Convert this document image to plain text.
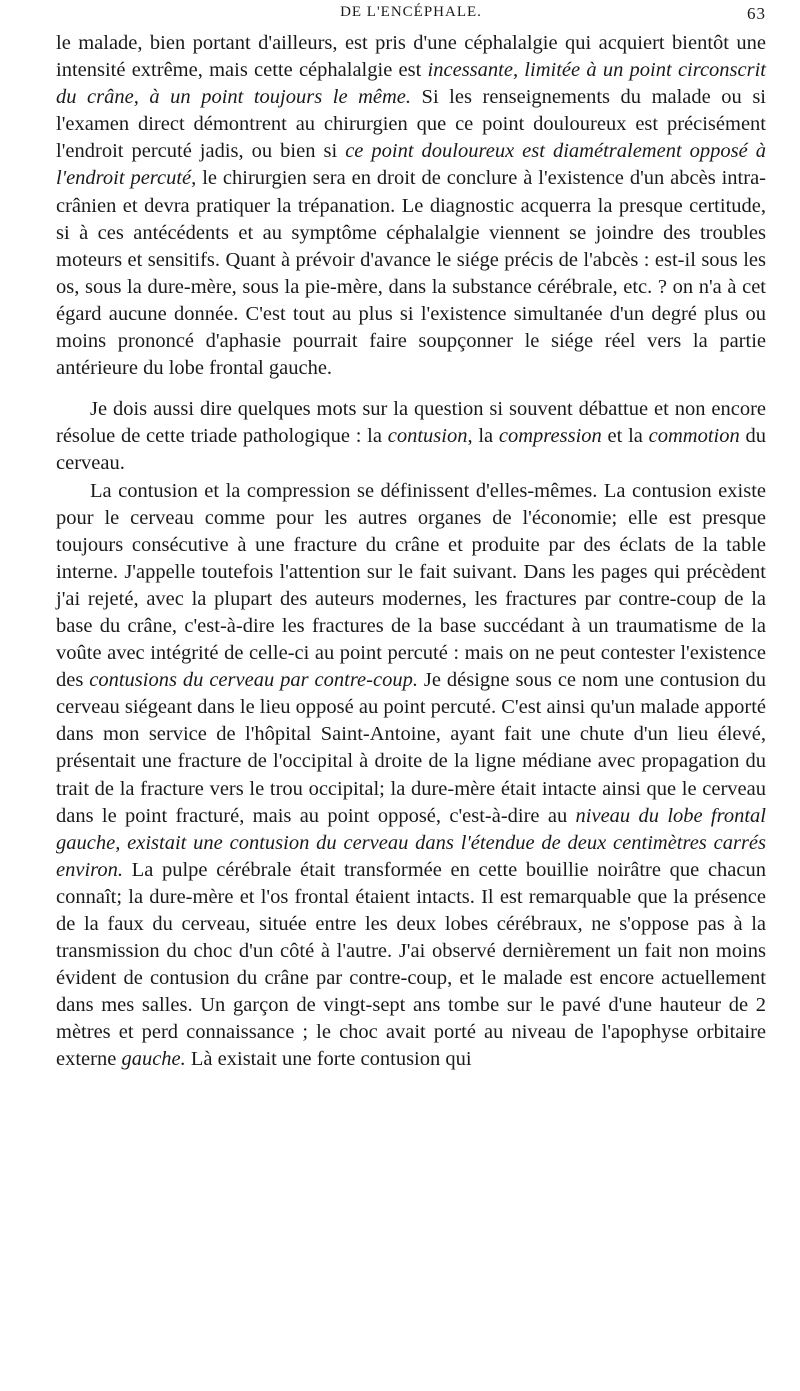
DE L'ENCÉPHALE.	63

le malade, bien portant d'ailleurs, est pris d'une céphalalgie qui acquiert bientôt une intensité extrême, mais cette céphalalgie est incessante, limitée à un point circonscrit du crâne, à un point toujours le même. Si les renseignements du malade ou si l'examen direct démontrent au chirurgien que ce point douloureux est précisément l'endroit percuté jadis, ou bien si ce point douloureux est diamétralement opposé à l'endroit percuté, le chirurgien sera en droit de conclure à l'existence d'un abcès intra-crânien et devra pratiquer la trépanation. Le diagnostic acquerra la presque certitude, si à ces antécédents et au symptôme céphalalgie viennent se joindre des troubles moteurs et sensitifs. Quant à prévoir d'avance le siége précis de l'abcès : est-il sous les os, sous la dure-mère, sous la pie-mère, dans la substance cérébrale, etc. ? on n'a à cet égard aucune donnée. C'est tout au plus si l'existence simultanée d'un degré plus ou moins prononcé d'aphasie pourrait faire soupçonner le siége réel vers la partie antérieure du lobe frontal gauche.

Je dois aussi dire quelques mots sur la question si souvent débattue et non encore résolue de cette triade pathologique : la contusion, la compression et la commotion du cerveau.

La contusion et la compression se définissent d'elles-mêmes. La contusion existe pour le cerveau comme pour les autres organes de l'économie; elle est presque toujours consécutive à une fracture du crâne et produite par des éclats de la table interne. J'appelle toutefois l'attention sur le fait suivant. Dans les pages qui précèdent j'ai rejeté, avec la plupart des auteurs modernes, les fractures par contre-coup de la base du crâne, c'est-à-dire les fractures de la base succédant à un traumatisme de la voûte avec intégrité de celle-ci au point percuté : mais on ne peut contester l'existence des contusions du cerveau par contre-coup. Je désigne sous ce nom une contusion du cerveau siégeant dans le lieu opposé au point percuté. C'est ainsi qu'un malade apporté dans mon service de l'hôpital Saint-Antoine, ayant fait une chute d'un lieu élevé, présentait une fracture de l'occipital à droite de la ligne médiane avec propagation du trait de la fracture vers le trou occipital; la dure-mère était intacte ainsi que le cerveau dans le point fracturé, mais au point opposé, c'est-à-dire au niveau du lobe frontal gauche, existait une contusion du cerveau dans l'étendue de deux centimètres carrés environ. La pulpe cérébrale était transformée en cette bouillie noirâtre que chacun connaît; la dure-mère et l'os frontal étaient intacts. Il est remarquable que la présence de la faux du cerveau, située entre les deux lobes cérébraux, ne s'oppose pas à la transmission du choc d'un côté à l'autre. J'ai observé dernièrement un fait non moins évident de contusion du crâne par contre-coup, et le malade est encore actuellement dans mes salles. Un garçon de vingt-sept ans tombe sur le pavé d'une hauteur de 2 mètres et perd connaissance ; le choc avait porté au niveau de l'apophyse orbitaire externe gauche. Là existait une forte contusion qui
